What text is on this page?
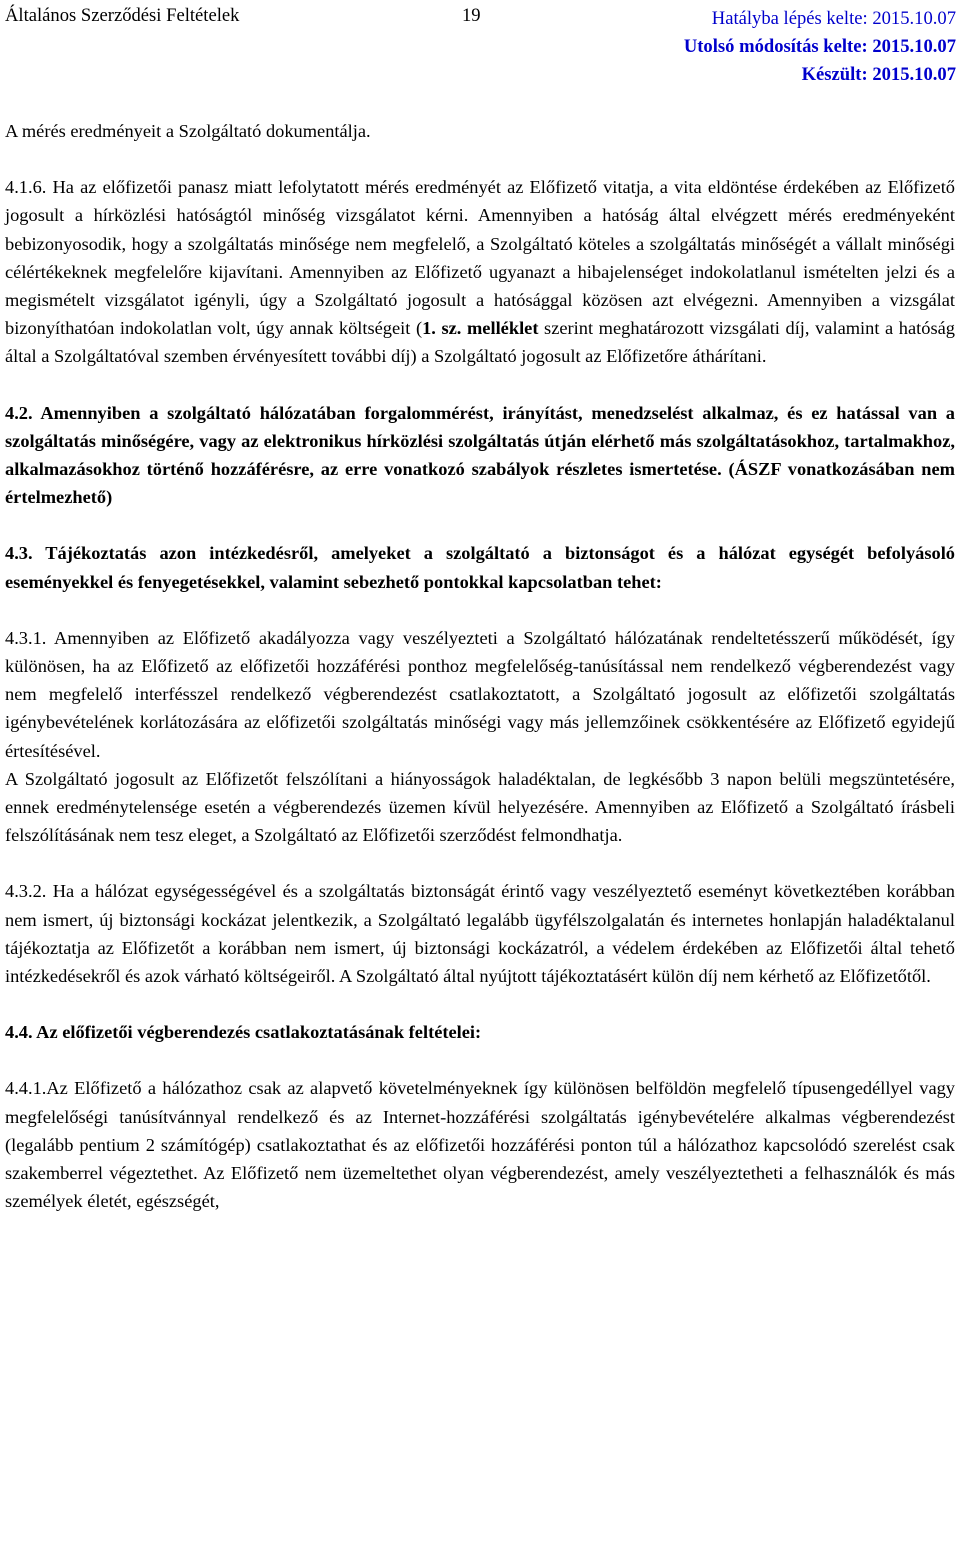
Általános Szerződési Feltételek	19	Hatályba lépés kelte: 2015.10.07
Utolsó módosítás kelte: 2015.10.07
Készült: 2015.10.07

A mérés eredményeit a Szolgáltató dokumentálja.

4.1.6. Ha az előfizetői panasz miatt lefolytatott mérés eredményét az Előfizető vitatja, a vita eldöntése érdekében az Előfizető jogosult a hírközlési hatóságtól minőség vizsgálatot kérni. Amennyiben a hatóság által elvégzett mérés eredményeként bebizonyosodik, hogy a szolgáltatás minősége nem megfelelő, a Szolgáltató köteles a szolgáltatás minőségét a vállalt minőségi célértékeknek megfelelőre kijavítani. Amennyiben az Előfizető ugyanazt a hibajelenséget indokolatlanul ismételten jelzi és a megismételt vizsgálatot igényli, úgy a Szolgáltató jogosult a hatósággal közösen azt elvégezni. Amennyiben a vizsgálat bizonyíthatóan indokolatlan volt, úgy annak költségeit (1. sz. melléklet szerint meghatározott vizsgálati díj, valamint a hatóság által a Szolgáltatóval szemben érvényesített további díj) a Szolgáltató jogosult az Előfizetőre áthárítani.

4.2. Amennyiben a szolgáltató hálózatában forgalommérést, irányítást, menedzselést alkalmaz, és ez hatással van a szolgáltatás minőségére, vagy az elektronikus hírközlési szolgáltatás útján elérhető más szolgáltatásokhoz, tartalmakhoz, alkalmazásokhoz történő hozzáférésre, az erre vonatkozó szabályok részletes ismertetése. (ÁSZF vonatkozásában nem értelmezhető)

4.3. Tájékoztatás azon intézkedésről, amelyeket a szolgáltató a biztonságot és a hálózat egységét befolyásoló eseményekkel és fenyegetésekkel, valamint sebezhető pontokkal kapcsolatban tehet:

4.3.1. Amennyiben az Előfizető akadályozza vagy veszélyezteti a Szolgáltató hálózatának rendeltetésszerű működését, így különösen, ha az Előfizető az előfizetői hozzáférési ponthoz megfelelőség-tanúsítással nem rendelkező végberendezést vagy nem megfelelő interfésszel rendelkező végberendezést csatlakoztatott, a Szolgáltató jogosult az előfizetői szolgáltatás igénybevételének korlátozására az előfizetői szolgáltatás minőségi vagy más jellemzőinek csökkentésére az Előfizető egyidejű értesítésével.

A Szolgáltató jogosult az Előfizetőt felszólítani a hiányosságok haladéktalan, de legkésőbb 3 napon belüli megszüntetésére, ennek eredménytelensége esetén a végberendezés üzemen kívül helyezésére. Amennyiben az Előfizető a Szolgáltató írásbeli felszólításának nem tesz eleget, a Szolgáltató az Előfizetői szerződést felmondhatja.

4.3.2. Ha a hálózat egységességével és a szolgáltatás biztonságát érintő vagy veszélyeztető eseményt következtében korábban nem ismert, új biztonsági kockázat jelentkezik, a Szolgáltató legalább ügyfélszolgalatán és internetes honlapján haladéktalanul tájékoztatja az Előfizetőt a korábban nem ismert, új biztonsági kockázatról, a védelem érdekében az Előfizetői által tehető intézkedésekről és azok várható költségeiről. A Szolgáltató által nyújtott tájékoztatásért külön díj nem kérhető az Előfizetőtől.

4.4. Az előfizetői végberendezés csatlakoztatásának feltételei:

4.4.1.Az Előfizető a hálózathoz csak az alapvető követelményeknek így különösen belföldön megfelelő típusengedéllyel vagy megfelelőségi tanúsítvánnyal rendelkező és az Internet-hozzáférési szolgáltatás igénybevételére alkalmas végberendezést (legalább pentium 2 számítógép) csatlakoztathat és az előfizetői hozzáférési ponton túl a hálózathoz kapcsolódó szerelést csak szakemberrel végeztethet. Az Előfizető nem üzemeltethet olyan végberendezést, amely veszélyeztetheti a felhasználók és más személyek életét, egészségét,
